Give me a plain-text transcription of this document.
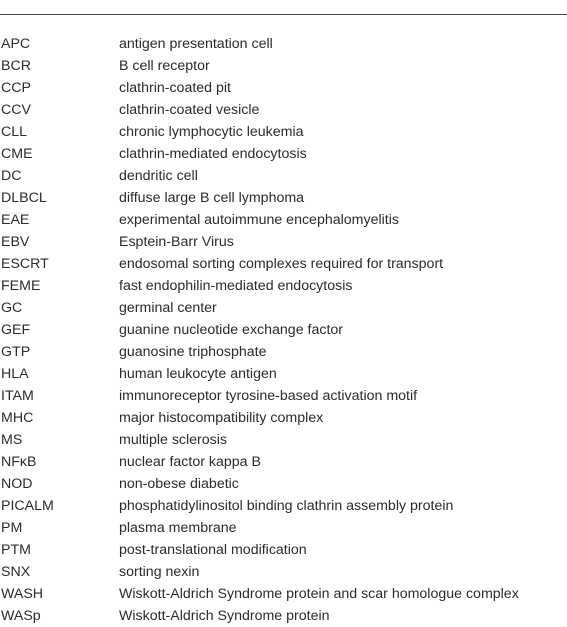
APC	antigen presentation cell
BCR	B cell receptor
CCP	clathrin-coated pit
CCV	clathrin-coated vesicle
CLL	chronic lymphocytic leukemia
CME	clathrin-mediated endocytosis
DC	dendritic cell
DLBCL	diffuse large B cell lymphoma
EAE	experimental autoimmune encephalomyelitis
EBV	Esptein-Barr Virus
ESCRT	endosomal sorting complexes required for transport
FEME	fast endophilin-mediated endocytosis
GC	germinal center
GEF	guanine nucleotide exchange factor
GTP	guanosine triphosphate
HLA	human leukocyte antigen
ITAM	immunoreceptor tyrosine-based activation motif
MHC	major histocompatibility complex
MS	multiple sclerosis
NFκB	nuclear factor kappa B
NOD	non-obese diabetic
PICALM	phosphatidylinositol binding clathrin assembly protein
PM	plasma membrane
PTM	post-translational modification
SNX	sorting nexin
WASH	Wiskott-Aldrich Syndrome protein and scar homologue complex
WASp	Wiskott-Aldrich Syndrome protein
